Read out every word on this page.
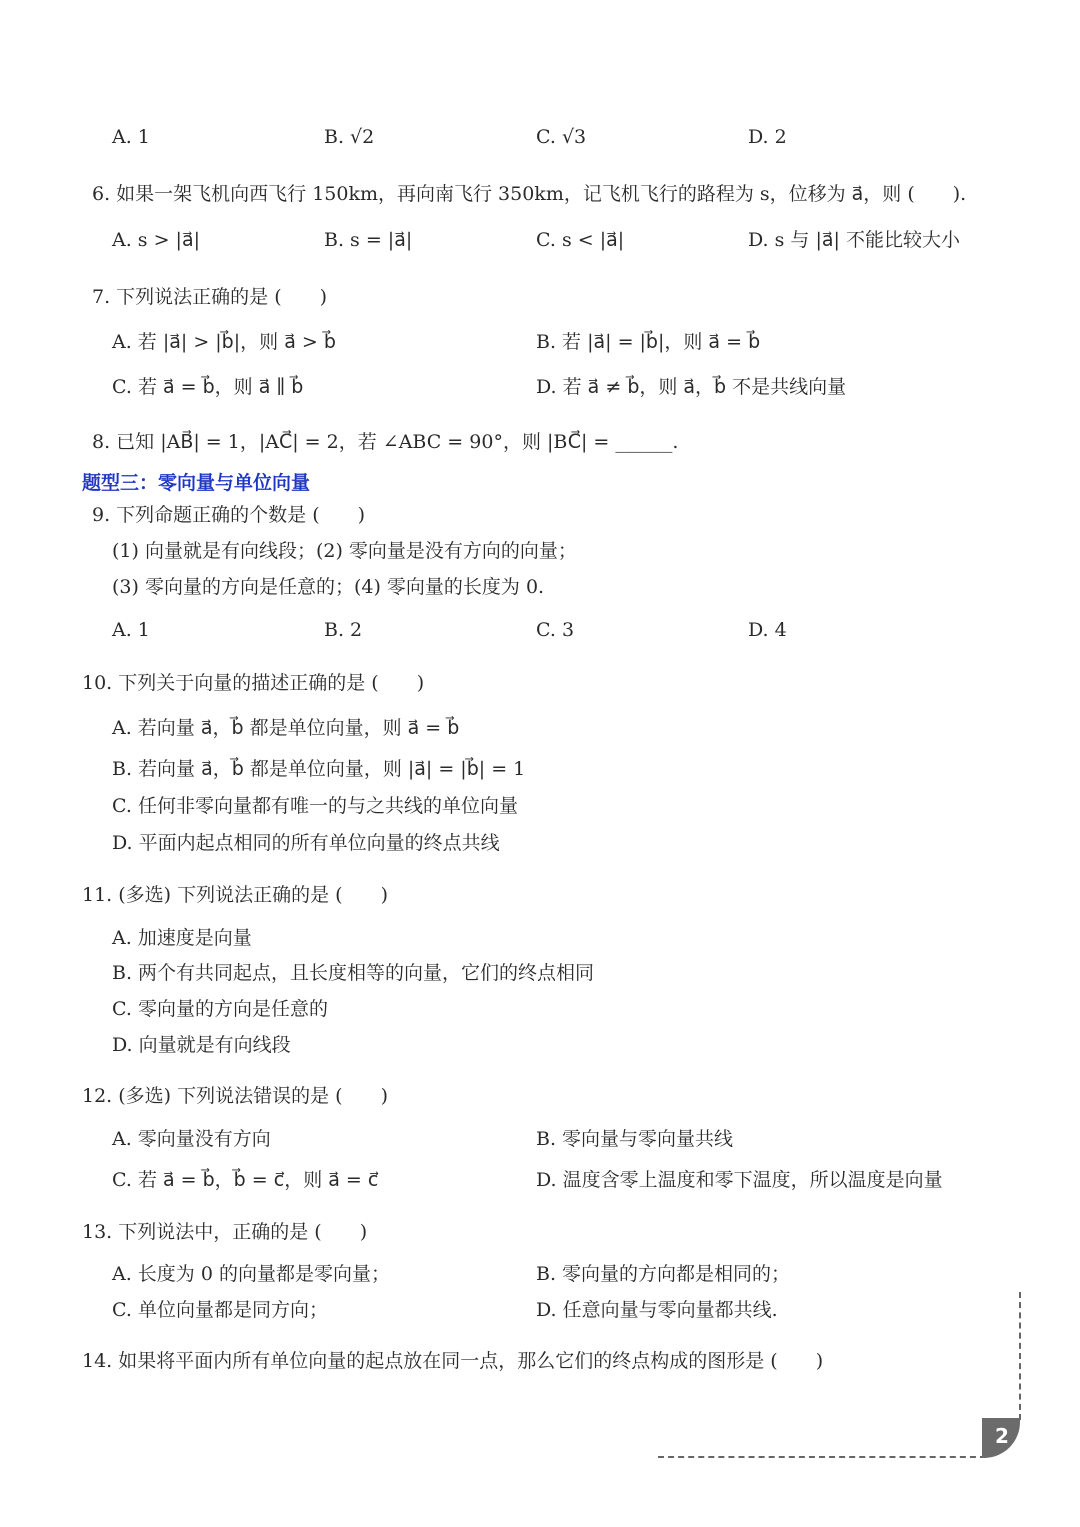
A. 1	B. √2	C. √3	D. 2
6. 如果一架飞机向西飞行 150km，再向南飞行 350km，记飞机飞行的路程为 s，位移为 a⃗，则 (　　).
A. s > |a⃗|	B. s = |a⃗|	C. s < |a⃗|	D. s 与 |a⃗| 不能比较大小
7. 下列说法正确的是 (　　)
A. 若 |a⃗| > |b⃗|，则 a⃗ > b⃗	B. 若 |a⃗| = |b⃗|，则 a⃗ = b⃗
C. 若 a⃗ = b⃗，则 a⃗ ∥ b⃗	D. 若 a⃗ ≠ b⃗，则 a⃗，b⃗ 不是共线向量
8. 已知 |AB⃗| = 1，|AC⃗| = 2，若 ∠ABC = 90°，则 |BC⃗| = ______.
题型三：零向量与单位向量
9. 下列命题正确的个数是 (　　)
(1) 向量就是有向线段；(2) 零向量是没有方向的向量；
(3) 零向量的方向是任意的；(4) 零向量的长度为 0.
A. 1	B. 2	C. 3	D. 4
10. 下列关于向量的描述正确的是 (　　)
A. 若向量 a⃗，b⃗ 都是单位向量，则 a⃗ = b⃗
B. 若向量 a⃗，b⃗ 都是单位向量，则 |a⃗| = |b⃗| = 1
C. 任何非零向量都有唯一的与之共线的单位向量
D. 平面内起点相同的所有单位向量的终点共线
11. (多选) 下列说法正确的是 (　　)
A. 加速度是向量
B. 两个有共同起点，且长度相等的向量，它们的终点相同
C. 零向量的方向是任意的
D. 向量就是有向线段
12. (多选) 下列说法错误的是 (　　)
A. 零向量没有方向	B. 零向量与零向量共线
C. 若 a⃗ = b⃗，b⃗ = c⃗，则 a⃗ = c⃗	D. 温度含零上温度和零下温度，所以温度是向量
13. 下列说法中，正确的是 (　　)
A. 长度为 0 的向量都是零向量；	B. 零向量的方向都是相同的；
C. 单位向量都是同方向；	D. 任意向量与零向量都共线.
14. 如果将平面内所有单位向量的起点放在同一点，那么它们的终点构成的图形是 (　　)
2
